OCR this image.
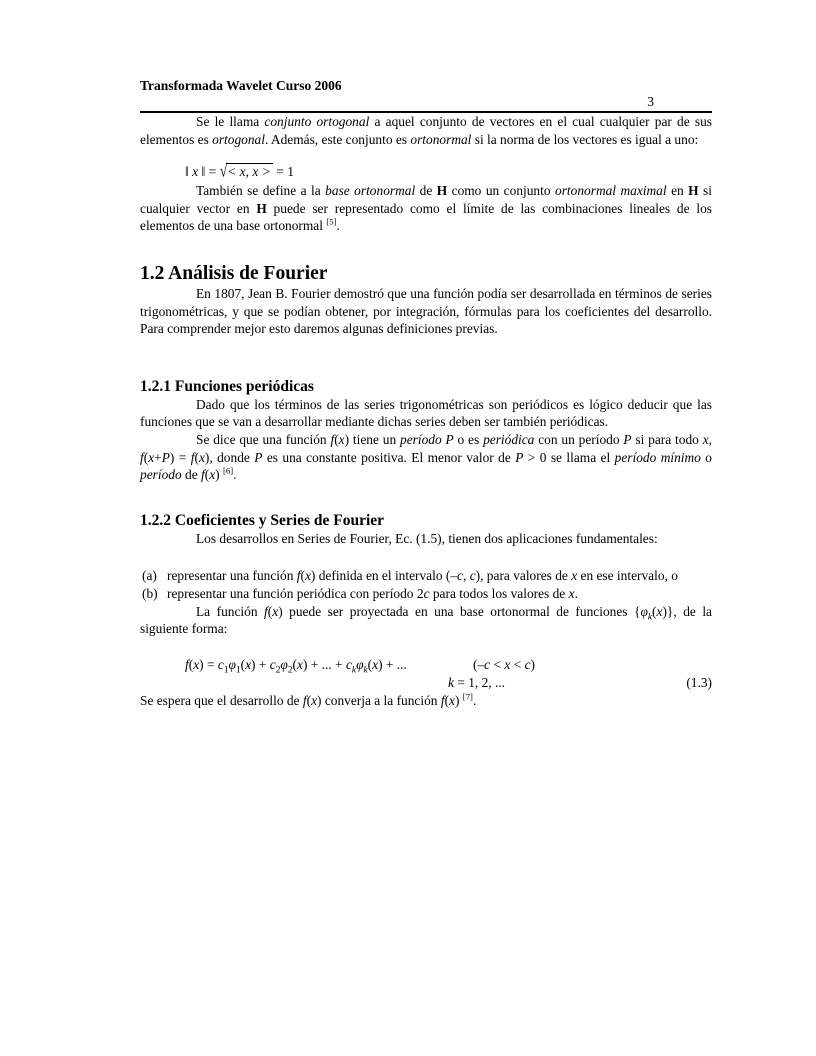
Transformada Wavelet Curso 2006
3

Se le llama conjunto ortogonal a aquel conjunto de vectores en el cual cualquier par de sus elementos es ortogonal. Además, este conjunto es ortonormal si la norma de los vectores es igual a uno:

‖ x ‖ = √< x, x > = 1

También se define a la base ortonormal de H como un conjunto ortonormal maximal en H si cualquier vector en H puede ser representado como el límite de las combinaciones lineales de los elementos de una base ortonormal [5].

1.2 Análisis de Fourier

En 1807, Jean B. Fourier demostró que una función podía ser desarrollada en términos de series trigonométricas, y que se podían obtener, por integración, fórmulas para los coeficientes del desarrollo. Para comprender mejor esto daremos algunas definiciones previas.

1.2.1 Funciones periódicas

Dado que los términos de las series trigonométricas son periódicos es lógico deducir que las funciones que se van a desarrollar mediante dichas series deben ser también periódicas.

Se dice que una función f(x) tiene un período P o es periódica con un período P si para todo x, f(x+P) = f(x), donde P es una constante positiva. El menor valor de P > 0 se llama el período mínimo o período de f(x) [6].

1.2.2 Coeficientes y Series de Fourier

Los desarrollos en Series de Fourier, Ec. (1.5), tienen dos aplicaciones fundamentales:

(a) representar una función f(x) definida en el intervalo (–c, c), para valores de x en ese intervalo, o
(b) representar una función periódica con período 2c para todos los valores de x.

La función f(x) puede ser proyectada en una base ortonormal de funciones $\{\varphi_k(x)\}$, de la siguiente forma:

$f(x) = c_1\varphi_1(x) + c_2\varphi_2(x)$ + ... + $c_k\varphi_k(x)$ + ...	(–c < x < c)
k = 1, 2, ...	(1.3)

Se espera que el desarrollo de f(x) converja a la función f(x) [7].
